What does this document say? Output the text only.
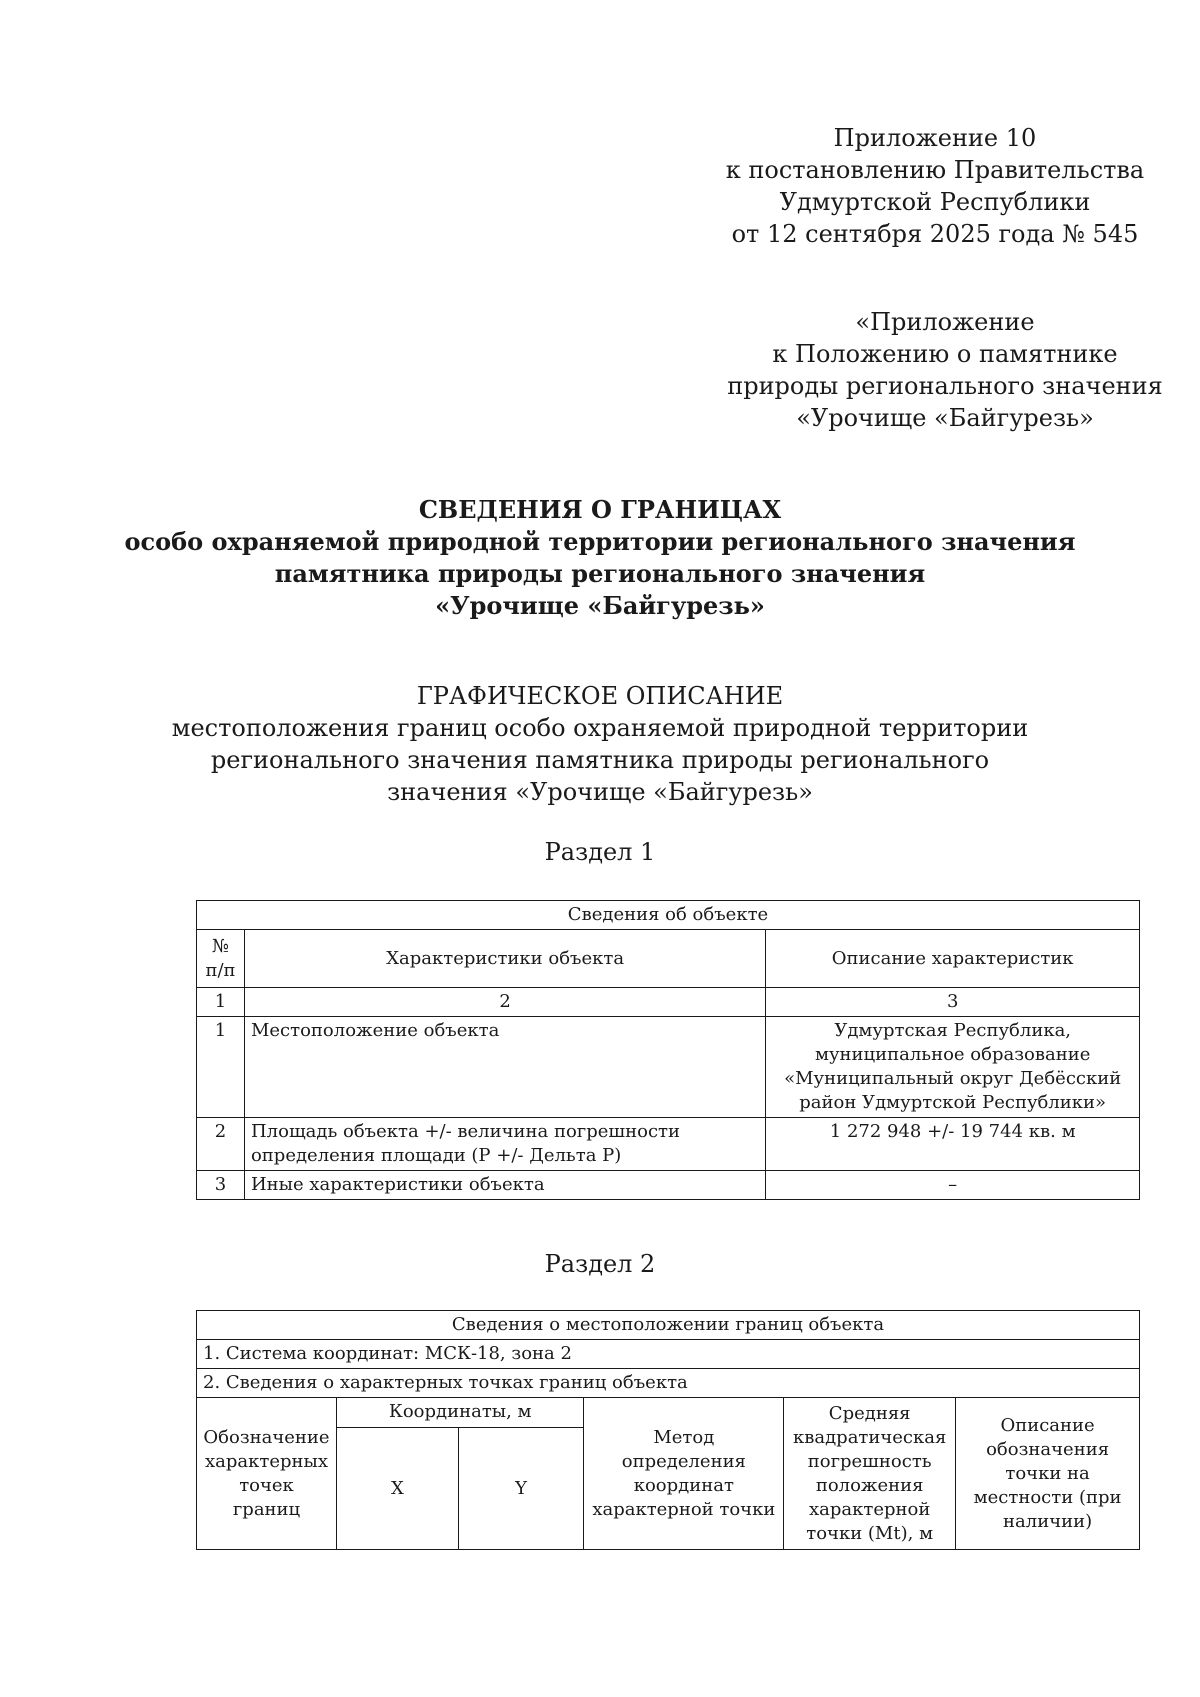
Приложение 10
к постановлению Правительства
Удмуртской Республики
от 12 сентября 2025 года № 545
«Приложение
к Положению о памятнике
природы регионального значения
«Урочище «Байгурезь»
СВЕДЕНИЯ О ГРАНИЦАХ
особо охраняемой природной территории регионального значения
памятника природы регионального значения
«Урочище «Байгурезь»
ГРАФИЧЕСКОЕ ОПИСАНИЕ
местоположения границ особо охраняемой природной территории
регионального значения памятника природы регионального
значения «Урочище «Байгурезь»
Раздел 1
Сведения об объекте		
№ п/п	Характеристики объекта	Описание характеристик
1	2	3
1	Местоположение объекта	Удмуртская Республика,
муниципальное образование
«Муниципальный округ Дебёсский
район Удмуртской Республики»

2	Площадь объекта +/- величина погрешности
определения площади (Р +/- Дельта Р)	1 272 948 +/- 19 744 кв. м
3	Иные характеристики объекта	–
Раздел 2
Сведения о местоположении границ объекта					
1. Система координат: МСК-18, зона 2					
2. Сведения о характерных точках границ объекта					
Обозначение характерных точек границ	Координаты, м		Метод определения координат характерной точки	Средняя квадратическая погрешность положения характерной точки (Mt), м	Описание обозначения точки на местности (при наличии)
	X	Y			
